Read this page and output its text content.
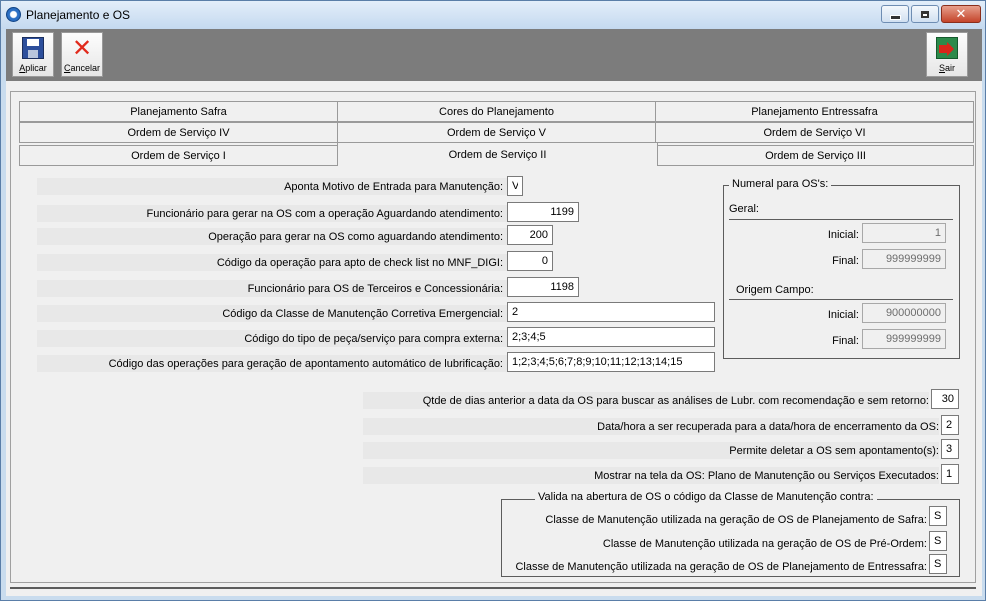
Planejamento e OS	✕
Aplicar
✕
Cancelar	Sair
Planejamento Safra	Cores do Planejamento	Planejamento Entressafra
Ordem de Serviço IV	Ordem de Serviço V	Ordem de Serviço VI
Ordem de Serviço I	Ordem de Serviço II	Ordem de Serviço III
Aponta Motivo de Entrada para Manutenção:
V
Funcionário para gerar na OS com a operação Aguardando atendimento:
1199
Operação para gerar na OS como aguardando atendimento:
200
Código da operação para apto de check list no MNF_DIGI:
0
Funcionário para OS de Terceiros e Concessionária:
1198
Código da Classe de Manutenção Corretiva Emergencial:
2
Código do tipo de peça/serviço para compra externa:
2;3;4;5
Código das operações para geração de apontamento automático de lubrificação:
1;2;3;4;5;6;7;8;9;10;11;12;13;14;15
Numeral para OS's:
Geral:
Inicial:
1
Final:
999999999
Origem Campo:
Inicial:
900000000
Final:
999999999
Qtde de dias anterior a data da OS para buscar as análises de Lubr. com recomendação e sem retorno:
30
Data/hora a ser recuperada para a data/hora de encerramento da OS:
2
Permite deletar a OS sem apontamento(s):
3
Mostrar na tela da OS: Plano de Manutenção ou Serviços Executados:
1
Valida na abertura de OS o código da Classe de Manutenção contra:
Classe de Manutenção utilizada na geração de OS de Planejamento de Safra:
S
Classe de Manutenção utilizada na geração de OS de Pré-Ordem:
S
Classe de Manutenção utilizada na geração de OS de Planejamento de Entressafra:
S
